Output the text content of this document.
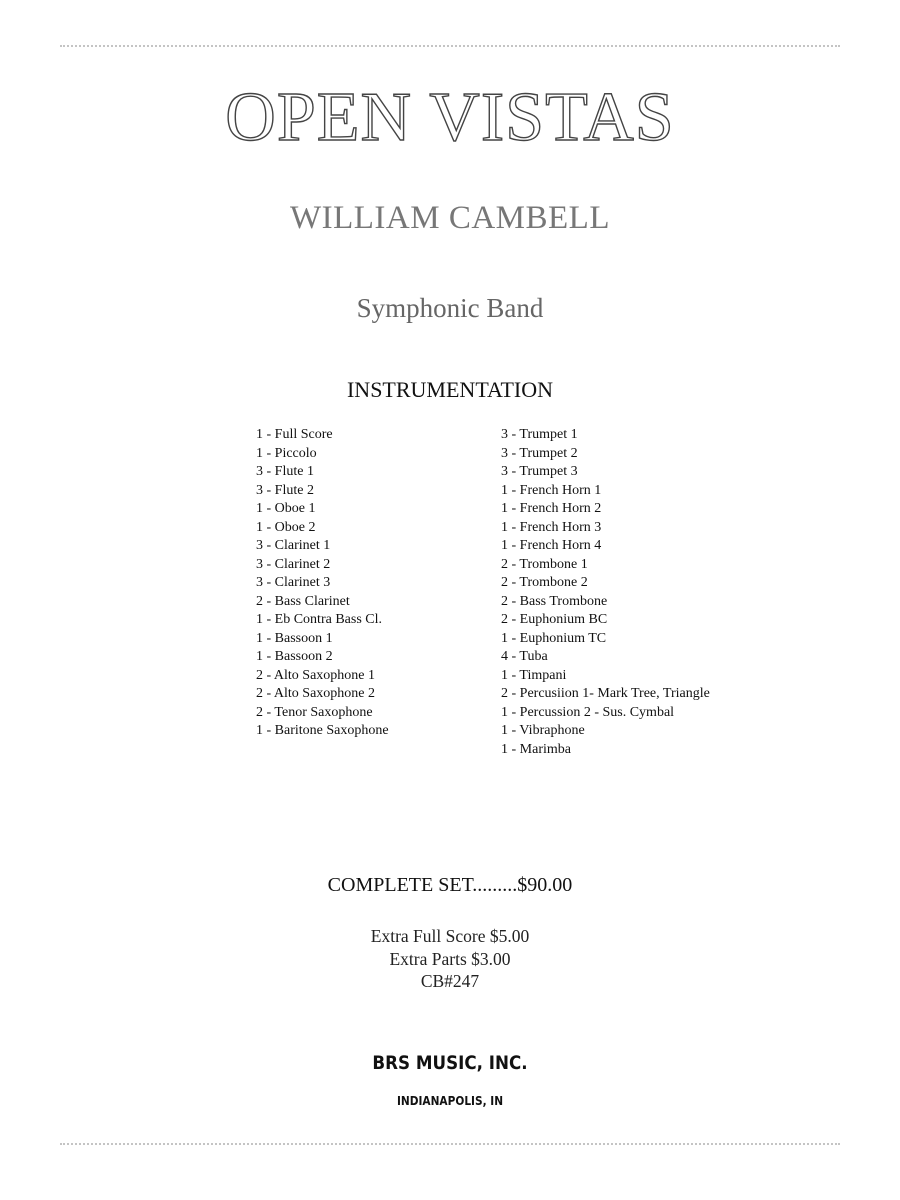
OPEN VISTAS
WILLIAM CAMBELL
Symphonic Band
INSTRUMENTATION
1 - Full Score
1 - Piccolo
3 - Flute 1
3 - Flute 2
1 - Oboe 1
1 - Oboe 2
3 - Clarinet 1
3 - Clarinet 2
3 - Clarinet 3
2 - Bass Clarinet
1 - Eb Contra Bass Cl.
1 - Bassoon 1
1 - Bassoon 2
2 - Alto Saxophone 1
2 - Alto Saxophone 2
2 - Tenor Saxophone
1 - Baritone Saxophone
3 - Trumpet 1
3 - Trumpet 2
3 - Trumpet 3
1 - French Horn 1
1 - French Horn 2
1 - French Horn 3
1 - French Horn 4
2 - Trombone 1
2 - Trombone 2
2 - Bass Trombone
2 - Euphonium BC
1 - Euphonium TC
4 - Tuba
1 - Timpani
2 - Percusiion 1- Mark Tree, Triangle
1 - Percussion 2 - Sus. Cymbal
1 - Vibraphone
1 - Marimba
COMPLETE SET.........$90.00
Extra Full Score $5.00
Extra Parts $3.00
CB#247
BRS MUSIC, INC.
INDIANAPOLIS, IN
